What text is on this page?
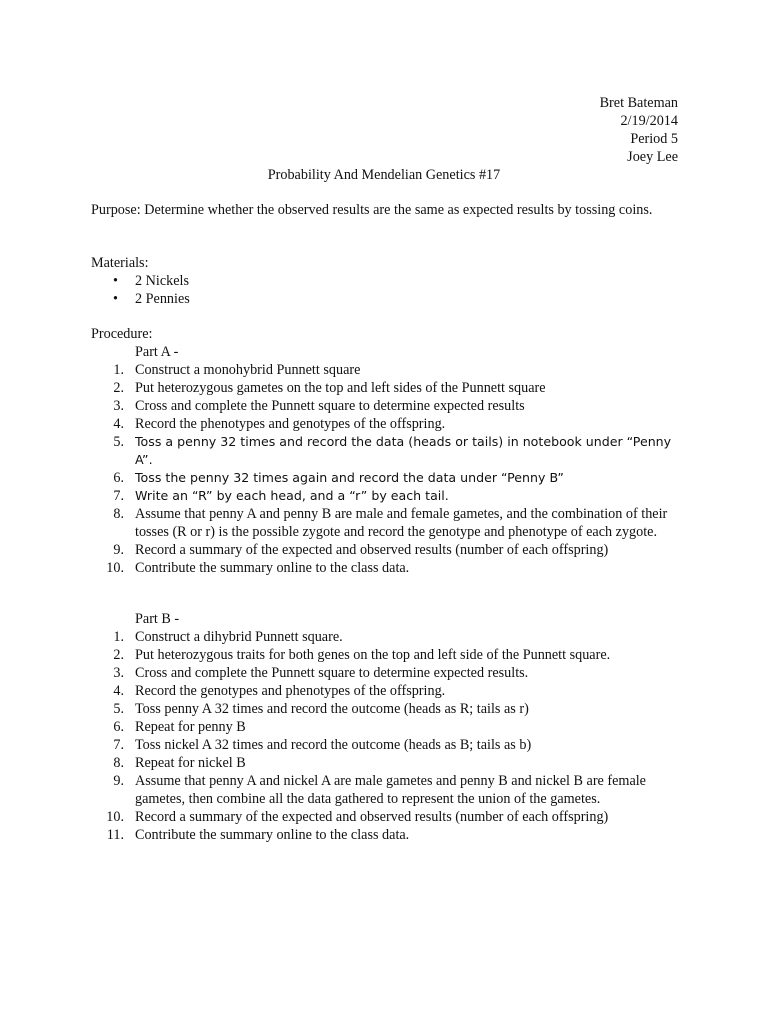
Bret Bateman
2/19/2014
Period 5
Joey Lee
Probability And Mendelian Genetics #17
Purpose: Determine whether the observed results are the same as expected results by tossing coins.
Materials:
• 2 Nickels
• 2 Pennies
Procedure:
Part A -
1. Construct a monohybrid Punnett square
2. Put heterozygous gametes on the top and left sides of the Punnett square
3. Cross and complete the Punnett square to determine expected results
4. Record the phenotypes and genotypes of the offspring.
5. Toss a penny 32 times and record the data (heads or tails) in notebook under “Penny A”.
6. Toss the penny 32 times again and record the data under “Penny B”
7. Write an “R” by each head, and a “r” by each tail.
8. Assume that penny A and penny B are male and female gametes, and the combination of their tosses (R or r) is the possible zygote and record the genotype and phenotype of each zygote.
9. Record a summary of the expected and observed results (number of each offspring)
10. Contribute the summary online to the class data.
Part B -
1. Construct a dihybrid Punnett square.
2. Put heterozygous traits for both genes on the top and left side of the Punnett square.
3. Cross and complete the Punnett square to determine expected results.
4. Record the genotypes and phenotypes of the offspring.
5. Toss penny A 32 times and record the outcome (heads as R; tails as r)
6. Repeat for penny B
7. Toss nickel A 32 times and record the outcome (heads as B; tails as b)
8. Repeat for nickel B
9. Assume that penny A and nickel A are male gametes and penny B and nickel B are female gametes, then combine all the data gathered to represent the union of the gametes.
10. Record a summary of the expected and observed results (number of each offspring)
11. Contribute the summary online to the class data.
